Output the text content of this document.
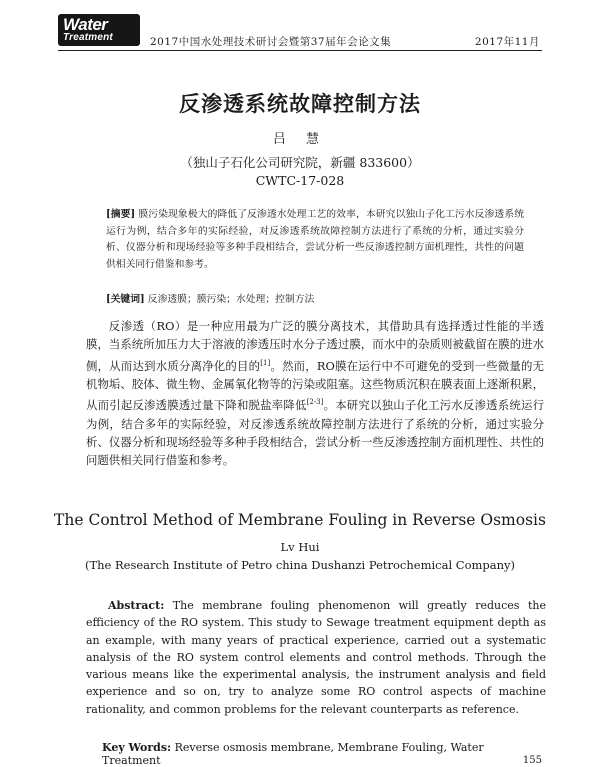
Water
Treatment	2017中国水处理技术研讨会暨第37届年会论文集	2017年11月
反渗透系统故障控制方法
吕 慧
（独山子石化公司研究院，新疆 833600）
CWTC-17-028
[摘要] 膜污染现象极大的降低了反渗透水处理工艺的效率，本研究以独山子化工污水反渗透系统运行为例，结合多年的实际经验，对反渗透系统故障控制方法进行了系统的分析，通过实验分析、仪器分析和现场经验等多种手段相结合，尝试分析一些反渗透控制方面机理性，共性的问题供相关同行借鉴和参考。
[关键词] 反渗透膜；膜污染；水处理；控制方法

反渗透（RO）是一种应用最为广泛的膜分离技术，其借助具有选择透过性能的半透膜，当系统所加压力大于溶液的渗透压时水分子透过膜，而水中的杂质则被截留在膜的进水侧，从而达到水质分离净化的目的[1]。然而，RO膜在运行中不可避免的受到一些微量的无机物垢、胶体、微生物、金属氧化物等的污染或阻塞。这些物质沉积在膜表面上逐渐积累，从而引起反渗透膜透过量下降和脱盐率降低[2-3]。本研究以独山子化工污水反渗透系统运行为例，结合多年的实际经验，对反渗透系统故障控制方法进行了系统的分析，通过实验分析、仪器分析和现场经验等多种手段相结合，尝试分析一些反渗透控制方面机理性、共性的问题供相关同行借鉴和参考。

The Control Method of Membrane Fouling in Reverse Osmosis
Lv Hui
(The Research Institute of Petro china Dushanzi Petrochemical Company)

Abstract: The membrane fouling phenomenon will greatly reduces the efficiency of the RO system. This study to Sewage treatment equipment depth as an example, with many years of practical experience, carried out a systematic analysis of the RO system control elements and control methods. Through the various means like the experimental analysis, the instrument analysis and field experience and so on, try to analyze some RO control aspects of machine rationality, and common problems for the relevant counterparts as reference.

Key Words: Reverse osmosis membrane, Membrane Fouling, Water Treatment	155
